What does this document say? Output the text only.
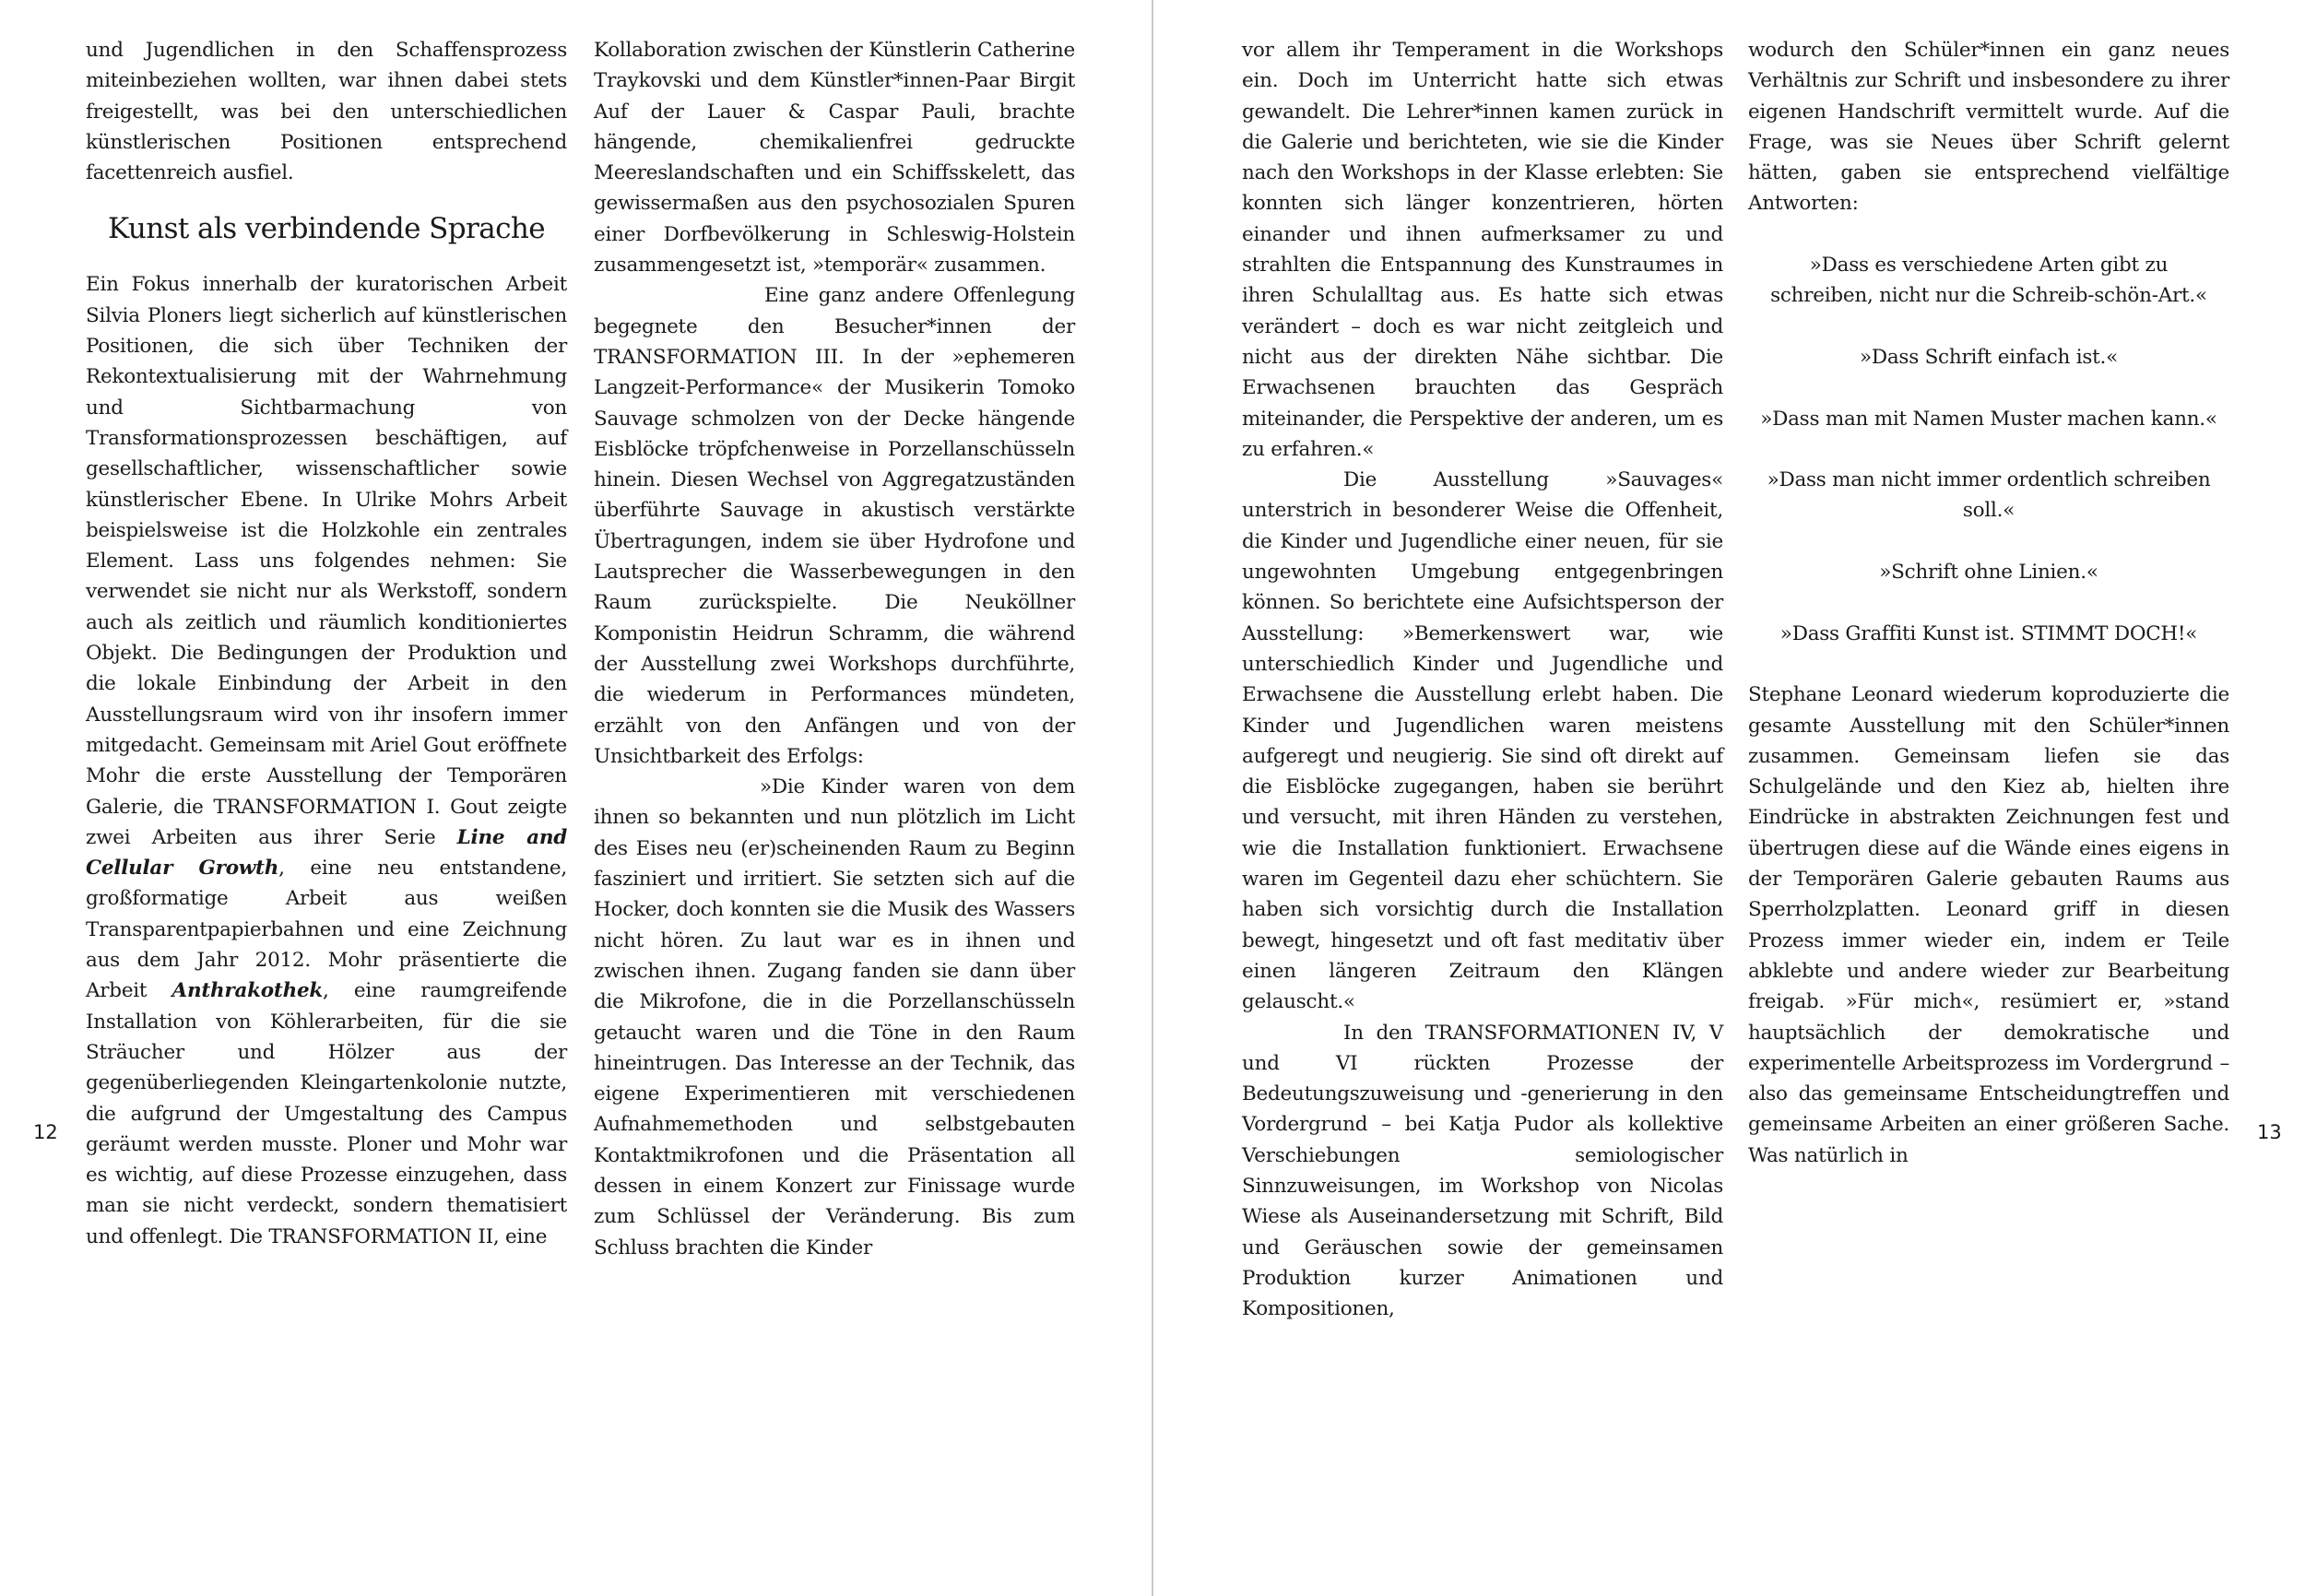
und Jugendlichen in den Schaffensprozess miteinbeziehen wollten, war ihnen dabei stets freigestellt, was bei den unterschiedlichen künstlerischen Positionen entsprechend facettenreich ausfiel.

Kunst als verbindende Sprache

Ein Fokus innerhalb der kuratorischen Arbeit Silvia Ploners liegt sicherlich auf künstlerischen Positionen, die sich über Techniken der Rekontextualisierung mit der Wahrnehmung und Sichtbarmachung von Transformationsprozessen beschäftigen, auf gesellschaftlicher, wissenschaftlicher sowie künstlerischer Ebene. In Ulrike Mohrs Arbeit beispielsweise ist die Holzkohle ein zentrales Element. Lass uns folgendes nehmen: Sie verwendet sie nicht nur als Werkstoff, sondern auch als zeitlich und räumlich konditioniertes Objekt. Die Bedingungen der Produktion und die lokale Einbindung der Arbeit in den Ausstellungsraum wird von ihr insofern immer mitgedacht. Gemeinsam mit Ariel Gout eröffnete Mohr die erste Ausstellung der Temporären Galerie, die TRANSFORMATION I. Gout zeigte zwei Arbeiten aus ihrer Serie Line and Cellular Growth, eine neu entstandene, großformatige Arbeit aus weißen Transparentpapierbahnen und eine Zeichnung aus dem Jahr 2012. Mohr präsentierte die Arbeit Anthrakothek, eine raumgreifende Installation von Köhlerarbeiten, für die sie Sträucher und Hölzer aus der gegenüberliegenden Kleingartenkolonie nutzte, die aufgrund der Umgestaltung des Campus geräumt werden musste. Ploner und Mohr war es wichtig, auf diese Prozesse einzugehen, dass man sie nicht verdeckt, sondern thematisiert und offenlegt. Die TRANSFORMATION II, eine

Kollaboration zwischen der Künstlerin Catherine Traykovski und dem Künstler*innen-Paar Birgit Auf der Lauer & Caspar Pauli, brachte hängende, chemikalienfrei gedruckte Meereslandschaften und ein Schiffsskelett, das gewissermaßen aus den psychosozialen Spuren einer Dorfbevölkerung in Schleswig-Holstein zusammengesetzt ist, »temporär« zusammen.

Eine ganz andere Offenlegung begegnete den Besucher*innen der TRANSFORMATION III. In der »ephemeren Langzeit-Performance« der Musikerin Tomoko Sauvage schmolzen von der Decke hängende Eisblöcke tröpfchenweise in Porzellanschüsseln hinein. Diesen Wechsel von Aggregatzuständen überführte Sauvage in akustisch verstärkte Übertragungen, indem sie über Hydrofone und Lautsprecher die Wasserbewegungen in den Raum zurückspielte. Die Neuköllner Komponistin Heidrun Schramm, die während der Ausstellung zwei Workshops durchführte, die wiederum in Performances mündeten, erzählt von den Anfängen und von der Unsichtbarkeit des Erfolgs:

»Die Kinder waren von dem ihnen so bekannten und nun plötzlich im Licht des Eises neu (er)scheinenden Raum zu Beginn fasziniert und irritiert. Sie setzten sich auf die Hocker, doch konnten sie die Musik des Wassers nicht hören. Zu laut war es in ihnen und zwischen ihnen. Zugang fanden sie dann über die Mikrofone, die in die Porzellanschüsseln getaucht waren und die Töne in den Raum hineintrugen. Das Interesse an der Technik, das eigene Experimentieren mit verschiedenen Aufnahmemethoden und selbstgebauten Kontaktmikrofonen und die Präsentation all dessen in einem Konzert zur Finissage wurde zum Schlüssel der Veränderung. Bis zum Schluss brachten die Kinder

12

vor allem ihr Temperament in die Workshops ein. Doch im Unterricht hatte sich etwas gewandelt. Die Lehrer*innen kamen zurück in die Galerie und berichteten, wie sie die Kinder nach den Workshops in der Klasse erlebten: Sie konnten sich länger konzentrieren, hörten einander und ihnen aufmerksamer zu und strahlten die Entspannung des Kunstraumes in ihren Schulalltag aus. Es hatte sich etwas verändert – doch es war nicht zeitgleich und nicht aus der direkten Nähe sichtbar. Die Erwachsenen brauchten das Gespräch miteinander, die Perspektive der anderen, um es zu erfahren.«

Die Ausstellung »Sauvages« unterstrich in besonderer Weise die Offenheit, die Kinder und Jugendliche einer neuen, für sie ungewohnten Umgebung entgegenbringen können. So berichtete eine Aufsichtsperson der Ausstellung: »Bemerkenswert war, wie unterschiedlich Kinder und Jugendliche und Erwachsene die Ausstellung erlebt haben. Die Kinder und Jugendlichen waren meistens aufgeregt und neugierig. Sie sind oft direkt auf die Eisblöcke zugegangen, haben sie berührt und versucht, mit ihren Händen zu verstehen, wie die Installation funktioniert. Erwachsene waren im Gegenteil dazu eher schüchtern. Sie haben sich vorsichtig durch die Installation bewegt, hingesetzt und oft fast meditativ über einen längeren Zeitraum den Klängen gelauscht.«

In den TRANSFORMATIONEN IV, V und VI rückten Prozesse der Bedeutungszuweisung und -generierung in den Vordergrund – bei Katja Pudor als kollektive Verschiebungen semiologischer Sinnzuweisungen, im Workshop von Nicolas Wiese als Auseinandersetzung mit Schrift, Bild und Geräuschen sowie der gemeinsamen Produktion kurzer Animationen und Kompositionen,

wodurch den Schüler*innen ein ganz neues Verhältnis zur Schrift und insbesondere zu ihrer eigenen Handschrift vermittelt wurde. Auf die Frage, was sie Neues über Schrift gelernt hätten, gaben sie entsprechend vielfältige Antworten:

»Dass es verschiedene Arten gibt zu schreiben, nicht nur die Schreib-schön-Art.«

»Dass Schrift einfach ist.«

»Dass man mit Namen Muster machen kann.«

»Dass man nicht immer ordentlich schreiben soll.«

»Schrift ohne Linien.«

»Dass Graffiti Kunst ist. STIMMT DOCH!«

Stephane Leonard wiederum koproduzierte die gesamte Ausstellung mit den Schüler*innen zusammen. Gemeinsam liefen sie das Schulgelände und den Kiez ab, hielten ihre Eindrücke in abstrakten Zeichnungen fest und übertrugen diese auf die Wände eines eigens in der Temporären Galerie gebauten Raums aus Sperrholzplatten. Leonard griff in diesen Prozess immer wieder ein, indem er Teile abklebte und andere wieder zur Bearbeitung freigab. »Für mich«, resümiert er, »stand hauptsächlich der demokratische und experimentelle Arbeitsprozess im Vordergrund – also das gemeinsame Entscheidungtreffen und gemeinsame Arbeiten an einer größeren Sache. Was natürlich in

13
